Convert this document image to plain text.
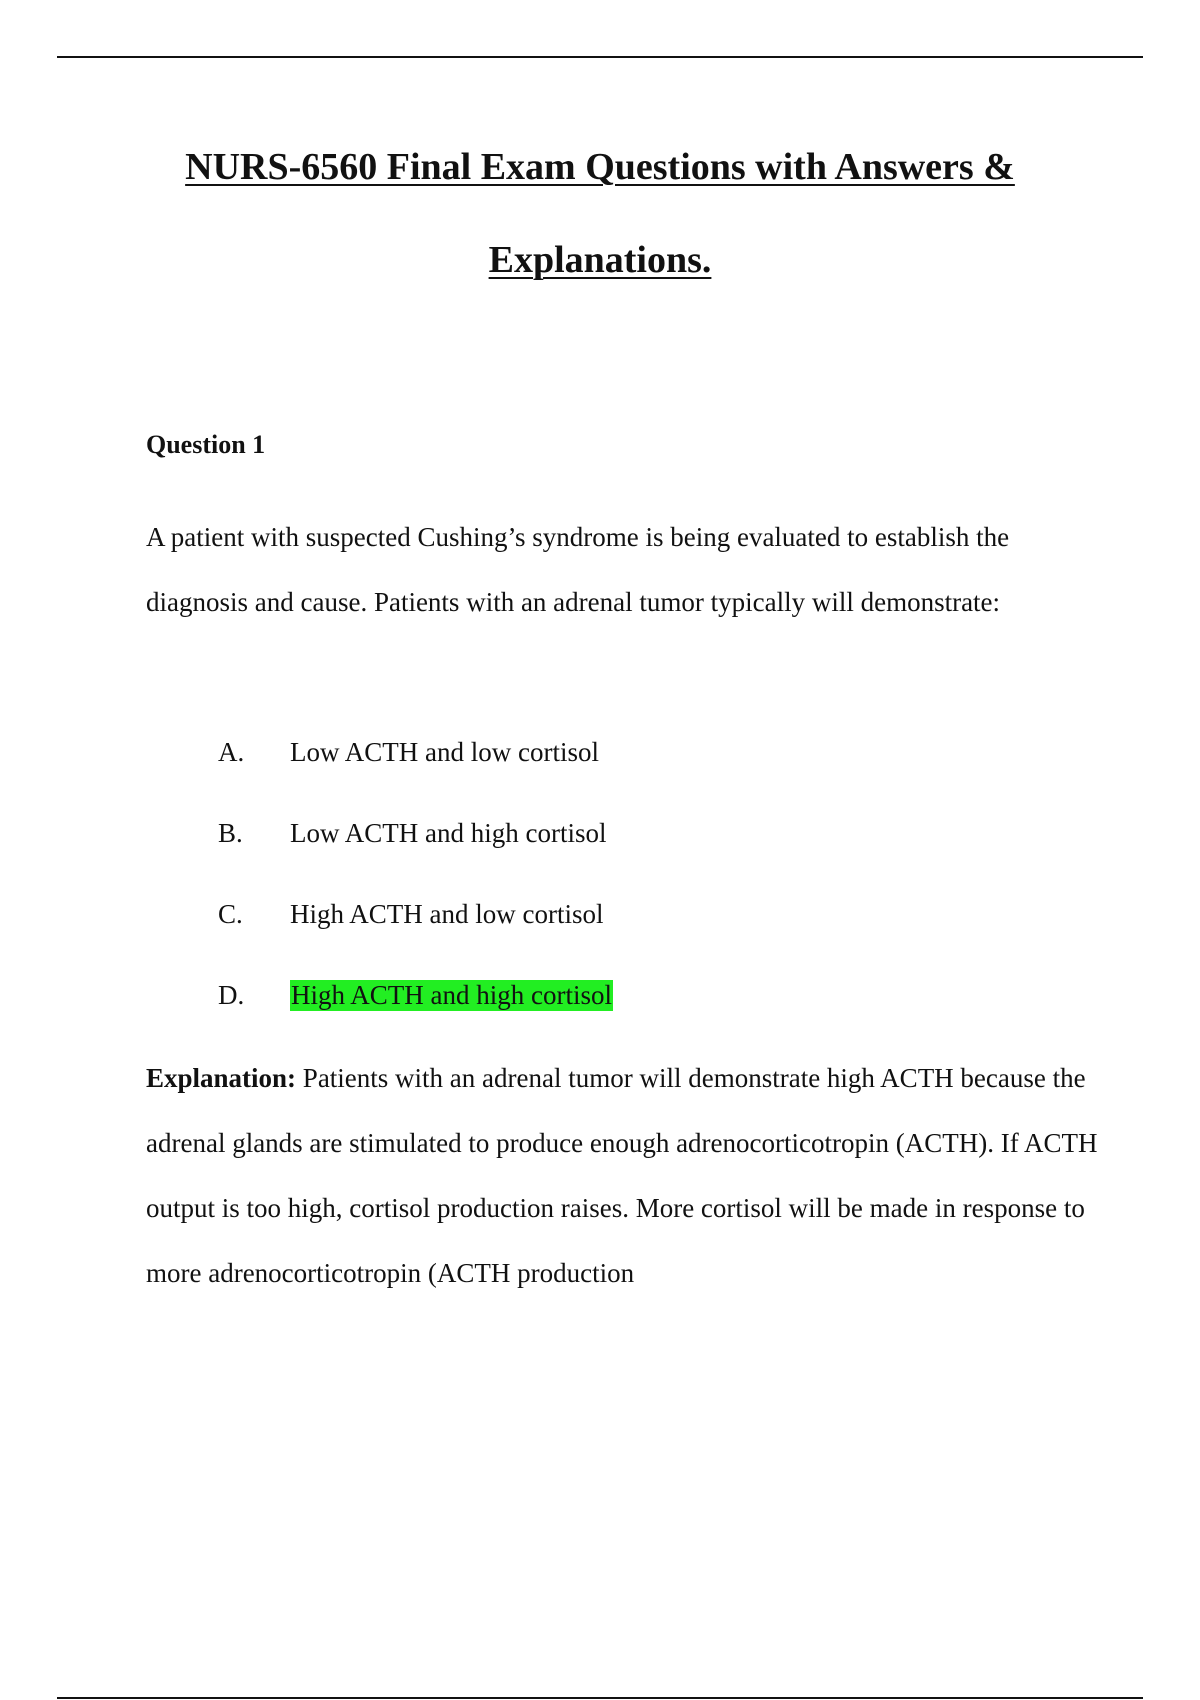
NURS-6560 Final Exam Questions with Answers &
Explanations.
Question 1

A patient with suspected Cushing’s syndrome is being evaluated to establish the diagnosis and cause. Patients with an adrenal tumor typically will demonstrate:

A. Low ACTH and low cortisol
B. Low ACTH and high cortisol
C. High ACTH and low cortisol
D. High ACTH and high cortisol

Explanation: Patients with an adrenal tumor will demonstrate high ACTH because the adrenal glands are stimulated to produce enough adrenocorticotropin (ACTH). If ACTH output is too high, cortisol production raises. More cortisol will be made in response to more adrenocorticotropin (ACTH production
